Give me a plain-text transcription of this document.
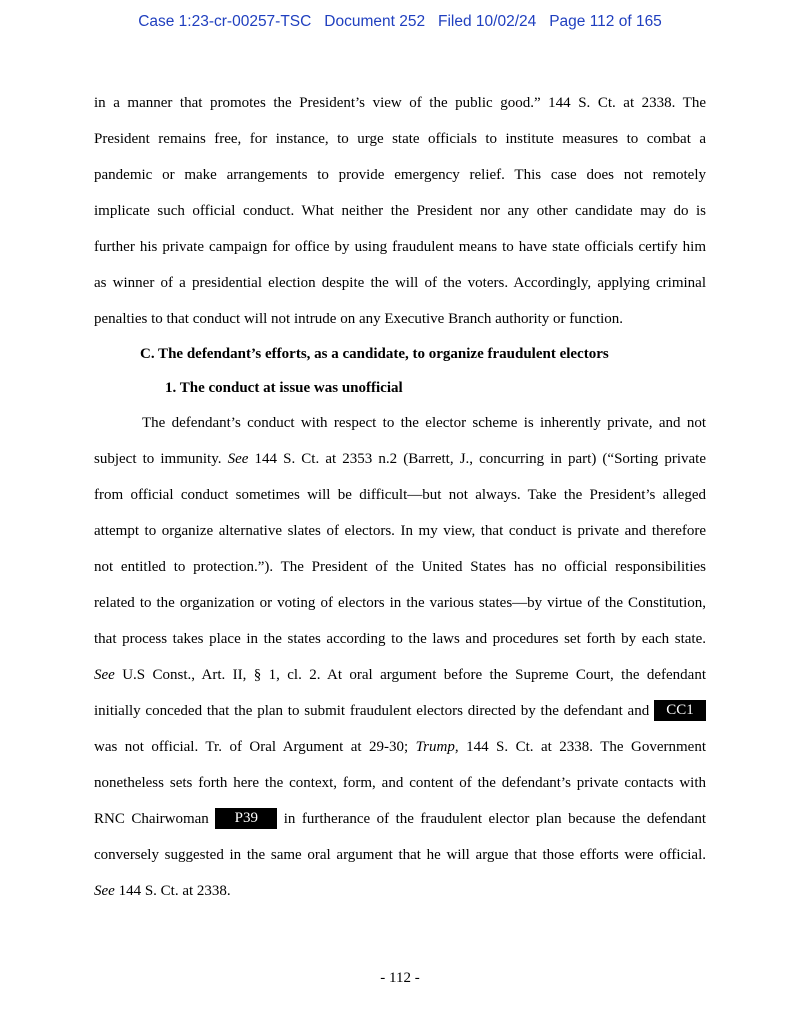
Case 1:23-cr-00257-TSC Document 252 Filed 10/02/24 Page 112 of 165
in a manner that promotes the President’s view of the public good.” 144 S. Ct. at 2338. The
President remains free, for instance, to urge state officials to institute measures to combat a
pandemic or make arrangements to provide emergency relief. This case does not remotely
implicate such official conduct. What neither the President nor any other candidate may do is
further his private campaign for office by using fraudulent means to have state officials certify him
as winner of a presidential election despite the will of the voters. Accordingly, applying criminal
penalties to that conduct will not intrude on any Executive Branch authority or function.
C. The defendant’s efforts, as a candidate, to organize fraudulent electors
1. The conduct at issue was unofficial
The defendant’s conduct with respect to the elector scheme is inherently private, and not
subject to immunity. See 144 S. Ct. at 2353 n.2 (Barrett, J., concurring in part) (“Sorting private
from official conduct sometimes will be difficult—but not always. Take the President’s alleged
attempt to organize alternative slates of electors. In my view, that conduct is private and therefore
not entitled to protection.”). The President of the United States has no official responsibilities
related to the organization or voting of electors in the various states—by virtue of the Constitution,
that process takes place in the states according to the laws and procedures set forth by each state.
See U.S Const., Art. II, § 1, cl. 2. At oral argument before the Supreme Court, the defendant
initially conceded that the plan to submit fraudulent electors directed by the defendant and CC1
was not official. Tr. of Oral Argument at 29-30; Trump, 144 S. Ct. at 2338. The Government
nonetheless sets forth here the context, form, and content of the defendant’s private contacts with
RNC Chairwoman P39 in furtherance of the fraudulent elector plan because the defendant
conversely suggested in the same oral argument that he will argue that those efforts were official.
See 144 S. Ct. at 2338.
- 112 -
